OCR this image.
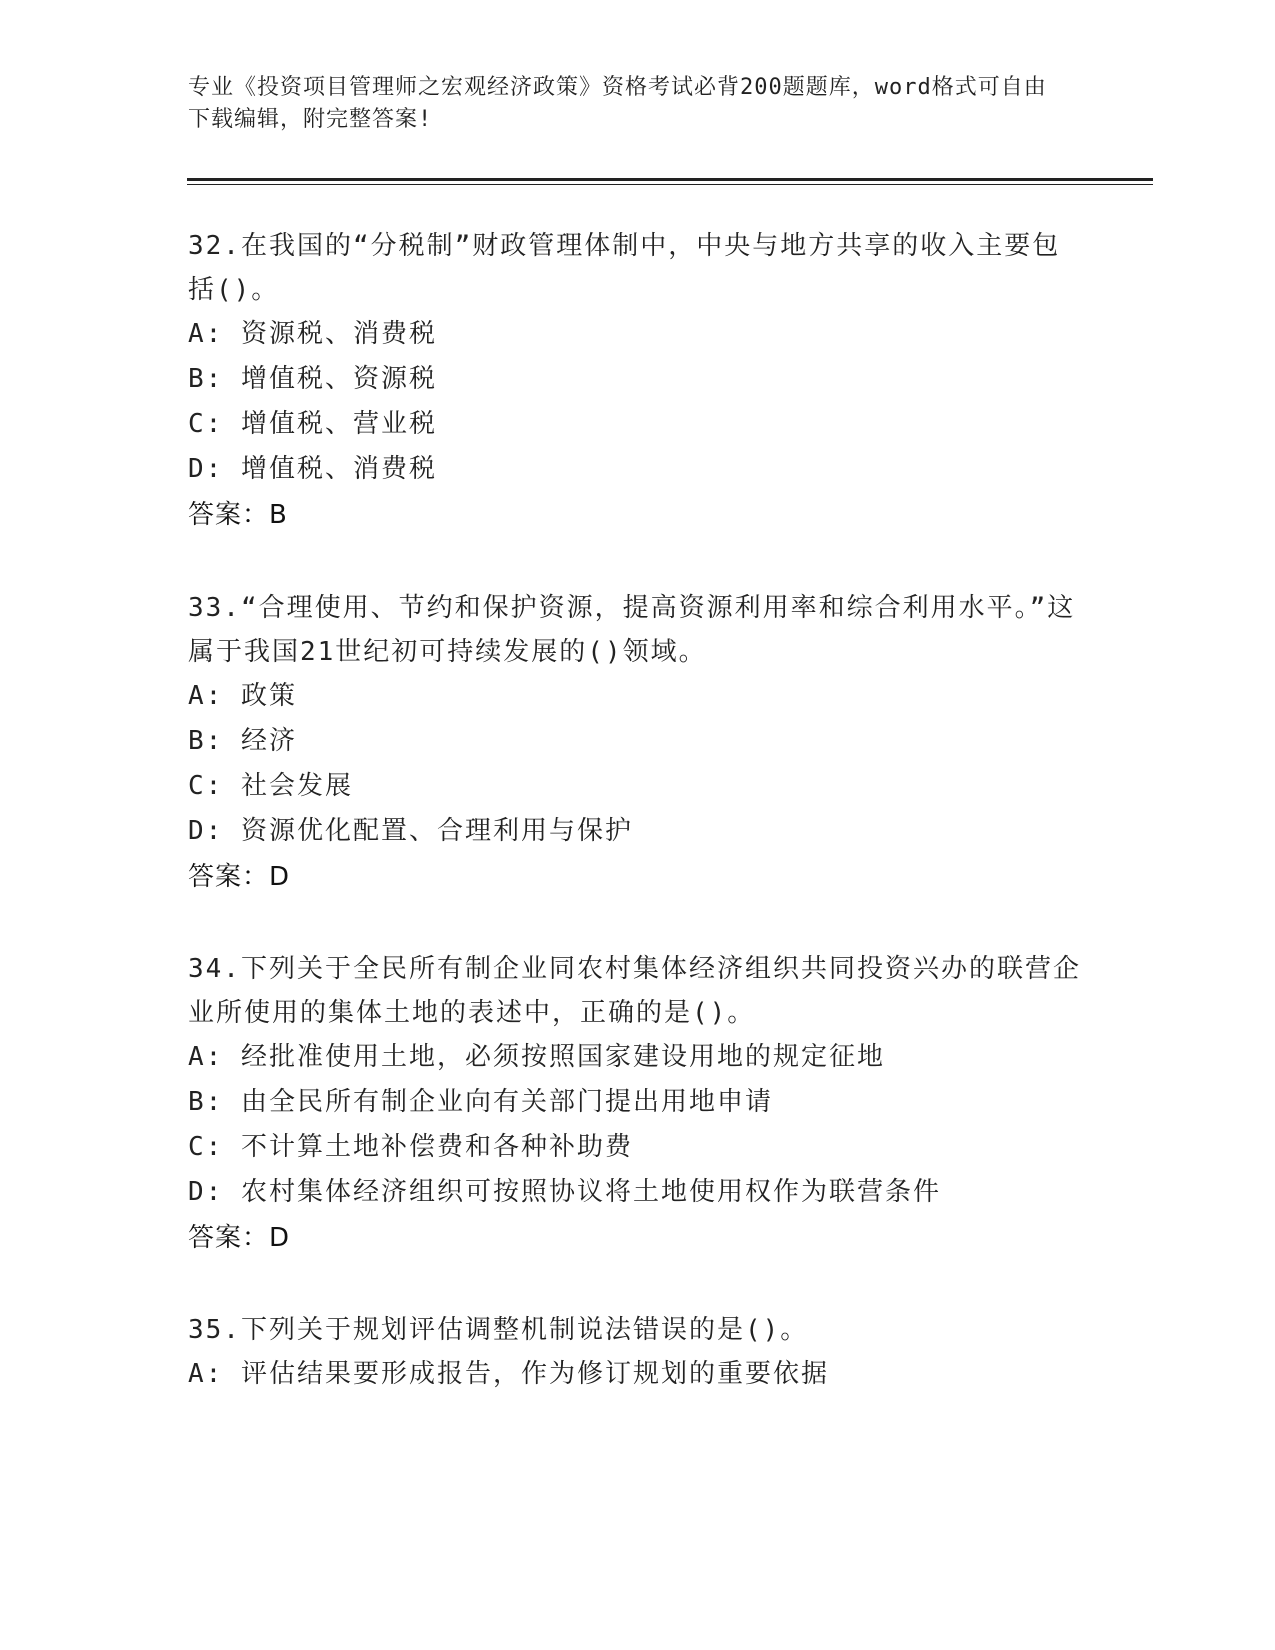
专业《投资项目管理师之宏观经济政策》资格考试必背200题题库，word格式可自由下载编辑，附完整答案!
32.在我国的“分税制”财政管理体制中，中央与地方共享的收入主要包括()。
A: 资源税、消费税
B: 增值税、资源税
C: 增值税、营业税
D: 增值税、消费税
答案：B
33.“合理使用、节约和保护资源，提高资源利用率和综合利用水平。”这属于我国21世纪初可持续发展的()领域。
A: 政策
B: 经济
C: 社会发展
D: 资源优化配置、合理利用与保护
答案：D
34.下列关于全民所有制企业同农村集体经济组织共同投资兴办的联营企业所使用的集体土地的表述中，正确的是()。
A: 经批准使用土地，必须按照国家建设用地的规定征地
B: 由全民所有制企业向有关部门提出用地申请
C: 不计算土地补偿费和各种补助费
D: 农村集体经济组织可按照协议将土地使用权作为联营条件
答案：D
35.下列关于规划评估调整机制说法错误的是()。
A: 评估结果要形成报告，作为修订规划的重要依据
